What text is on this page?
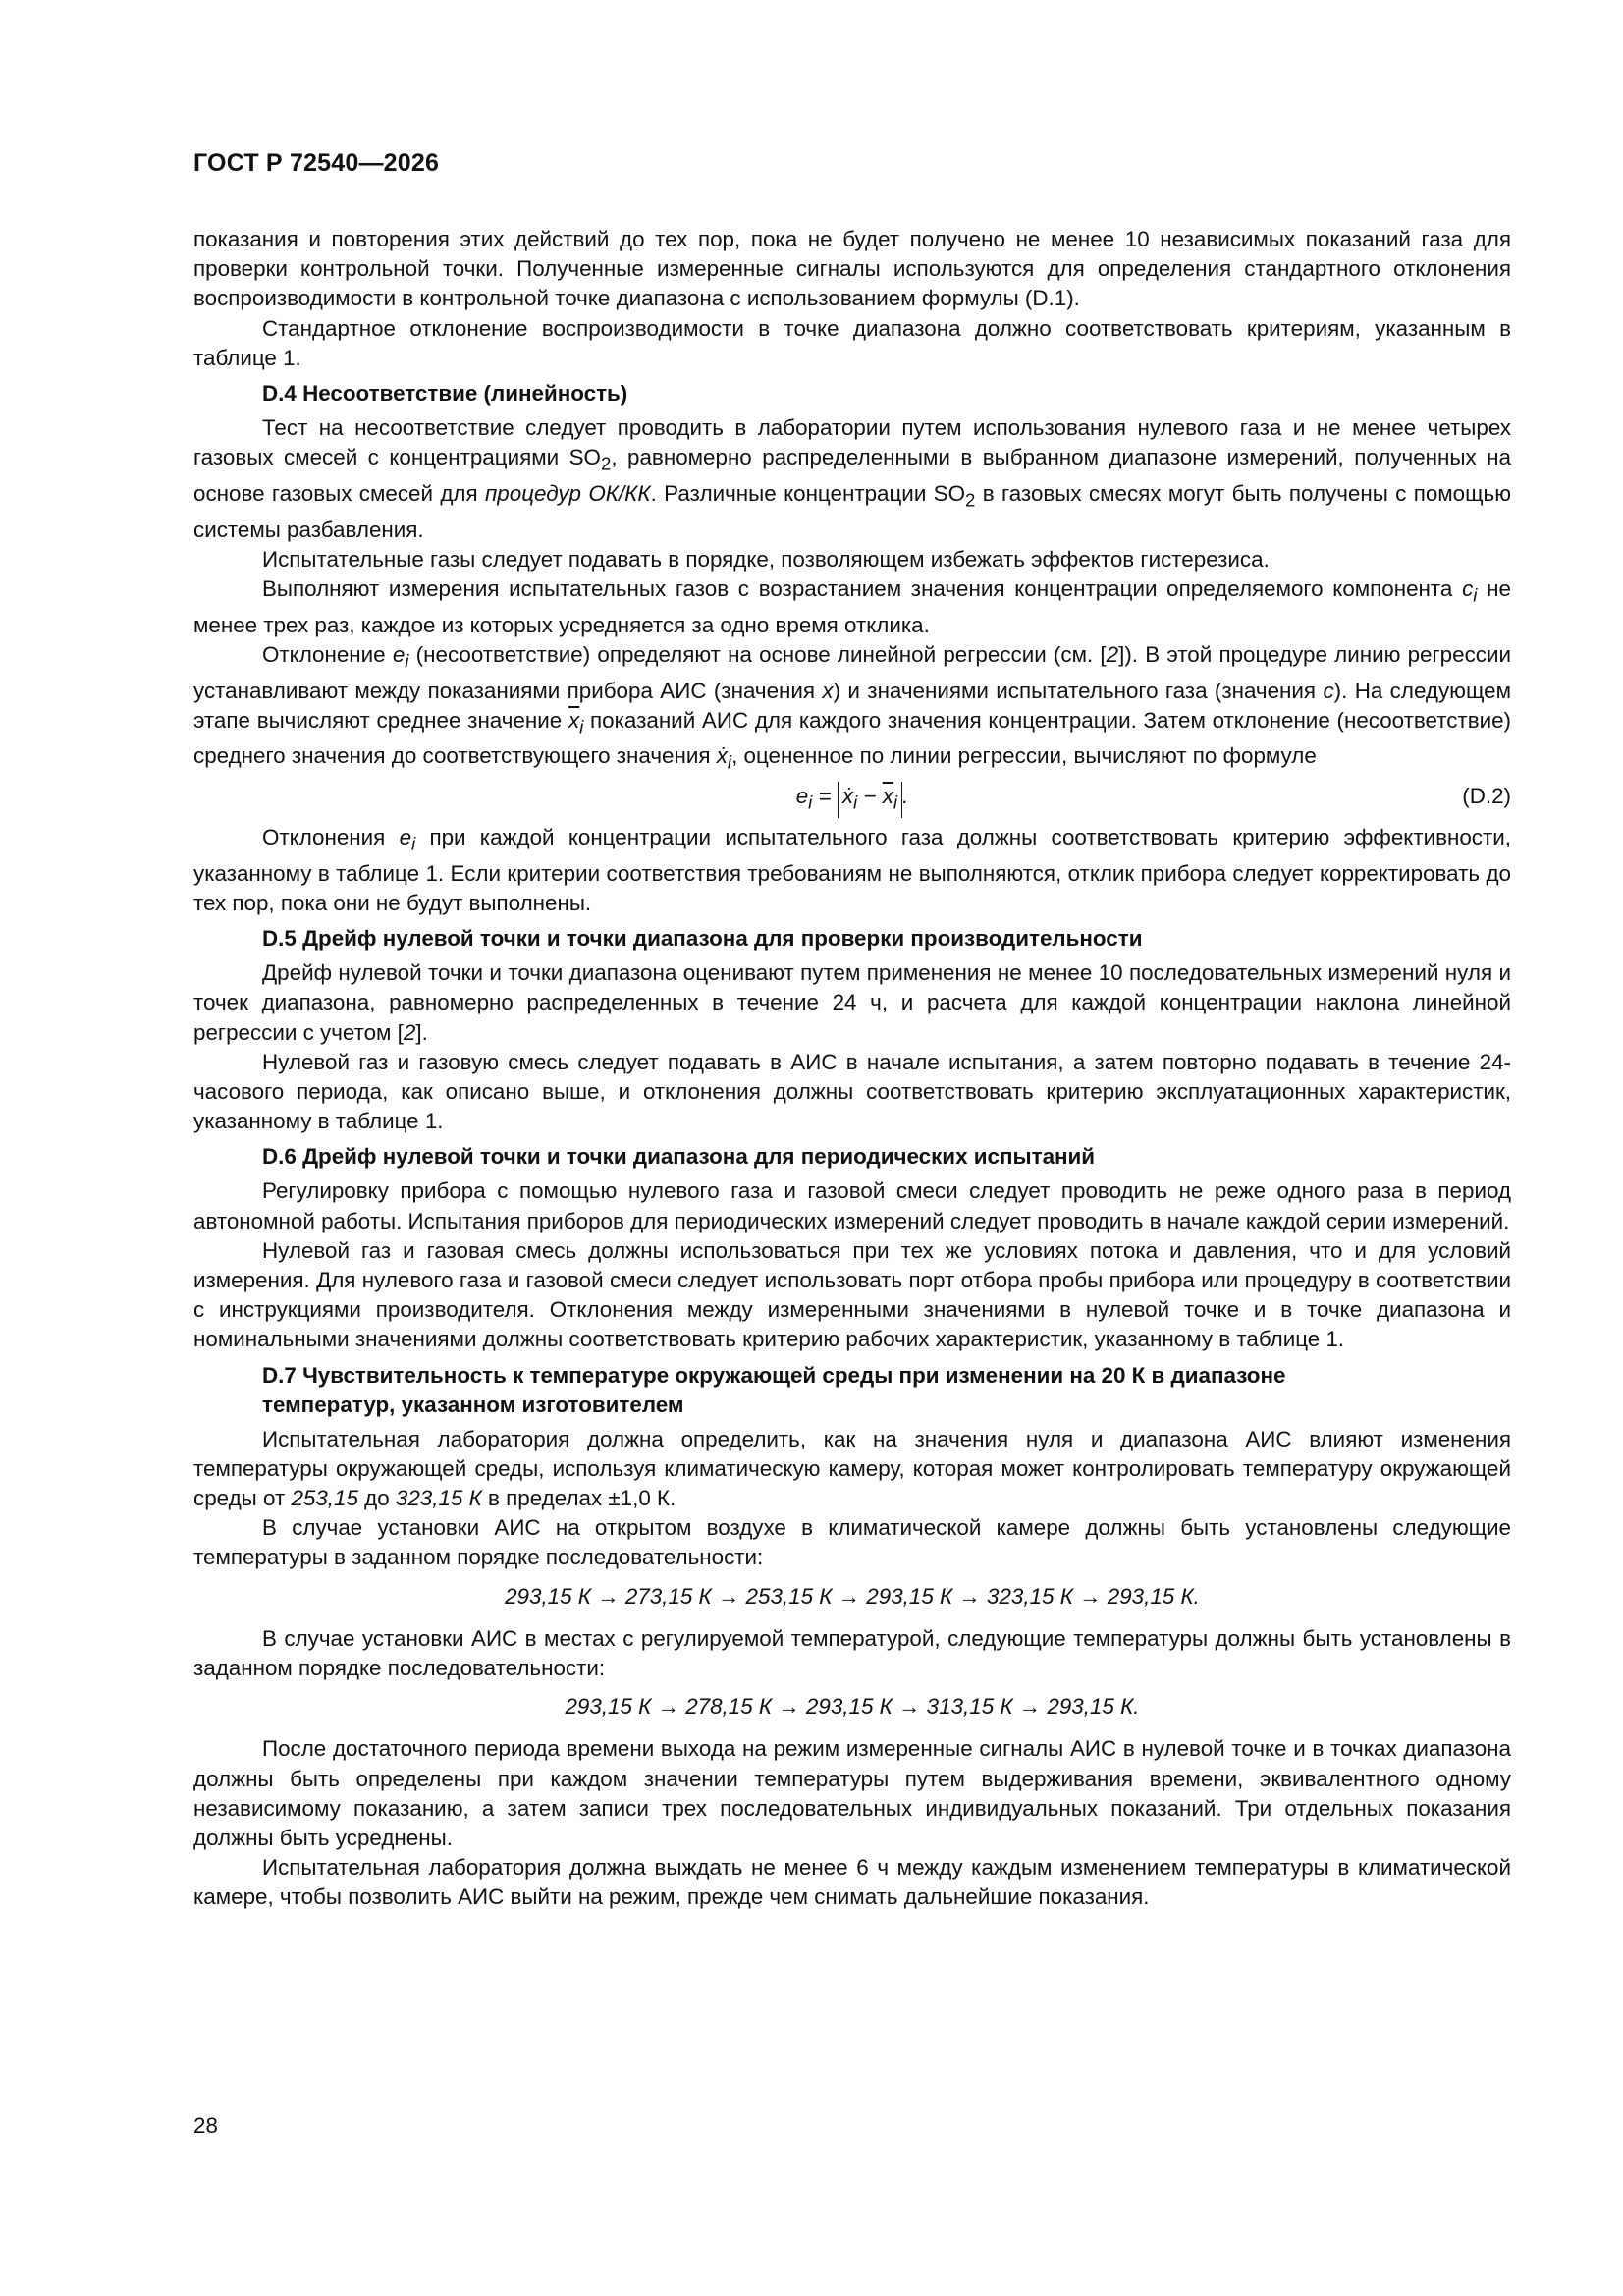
ГОСТ Р 72540—2026

показания и повторения этих действий до тех пор, пока не будет получено не менее 10 независимых показаний газа для проверки контрольной точки. Полученные измеренные сигналы используются для определения стандартного отклонения воспроизводимости в контрольной точке диапазона с использованием формулы (D.1).

Стандартное отклонение воспроизводимости в точке диапазона должно соответствовать критериям, указанным в таблице 1.

D.4 Несоответствие (линейность)

Тест на несоответствие следует проводить в лаборатории путем использования нулевого газа и не менее четырех газовых смесей с концентрациями $SO_2$, равномерно распределенными в выбранном диапазоне измерений, полученных на основе газовых смесей для процедур ОК/КК. Различные концентрации $SO_2$ в газовых смесях могут быть получены с помощью системы разбавления.

Испытательные газы следует подавать в порядке, позволяющем избежать эффектов гистерезиса.

Выполняют измерения испытательных газов с возрастанием значения концентрации определяемого компонента $c_i$ не менее трех раз, каждое из которых усредняется за одно время отклика.

Отклонение $e_i$ (несоответствие) определяют на основе линейной регрессии (см. [2]). В этой процедуре линию регрессии устанавливают между показаниями прибора АИС (значения x) и значениями испытательного газа (значения c). На следующем этапе вычисляют среднее значение $\overline{x}_i$ показаний АИС для каждого значения концентрации. Затем отклонение (несоответствие) среднего значения до соответствующего значения ẋ$_i$, оцененное по линии регрессии, вычисляют по формуле

$e_i$ = ẋ$_i$ − $\overline{x}_i$ .	(D.2)

Отклонения $e_i$ при каждой концентрации испытательного газа должны соответствовать критерию эффективности, указанному в таблице 1. Если критерии соответствия требованиям не выполняются, отклик прибора следует корректировать до тех пор, пока они не будут выполнены.

D.5 Дрейф нулевой точки и точки диапазона для проверки производительности

Дрейф нулевой точки и точки диапазона оценивают путем применения не менее 10 последовательных измерений нуля и точек диапазона, равномерно распределенных в течение 24 ч, и расчета для каждой концентрации наклона линейной регрессии с учетом [2].

Нулевой газ и газовую смесь следует подавать в АИС в начале испытания, а затем повторно подавать в течение 24-часового периода, как описано выше, и отклонения должны соответствовать критерию эксплуатационных характеристик, указанному в таблице 1.

D.6 Дрейф нулевой точки и точки диапазона для периодических испытаний

Регулировку прибора с помощью нулевого газа и газовой смеси следует проводить не реже одного раза в период автономной работы. Испытания приборов для периодических измерений следует проводить в начале каждой серии измерений.

Нулевой газ и газовая смесь должны использоваться при тех же условиях потока и давления, что и для условий измерения. Для нулевого газа и газовой смеси следует использовать порт отбора пробы прибора или процедуру в соответствии с инструкциями производителя. Отклонения между измеренными значениями в нулевой точке и в точке диапазона и номинальными значениями должны соответствовать критерию рабочих характеристик, указанному в таблице 1.

D.7 Чувствительность к температуре окружающей среды при изменении на 20 К в диапазоне
температур, указанном изготовителем

Испытательная лаборатория должна определить, как на значения нуля и диапазона АИС влияют изменения температуры окружающей среды, используя климатическую камеру, которая может контролировать температуру окружающей среды от 253,15 до 323,15 К в пределах ±1,0 К.

В случае установки АИС на открытом воздухе в климатической камере должны быть установлены следующие температуры в заданном порядке последовательности:

293,15 К → 273,15 К → 253,15 К → 293,15 К → 323,15 К → 293,15 К.

В случае установки АИС в местах с регулируемой температурой, следующие температуры должны быть установлены в заданном порядке последовательности:

293,15 К → 278,15 К → 293,15 К → 313,15 К → 293,15 К.

После достаточного периода времени выхода на режим измеренные сигналы АИС в нулевой точке и в точках диапазона должны быть определены при каждом значении температуры путем выдерживания времени, эквивалентного одному независимому показанию, а затем записи трех последовательных индивидуальных показаний. Три отдельных показания должны быть усреднены.

Испытательная лаборатория должна выждать не менее 6 ч между каждым изменением температуры в климатической камере, чтобы позволить АИС выйти на режим, прежде чем снимать дальнейшие показания.

28
